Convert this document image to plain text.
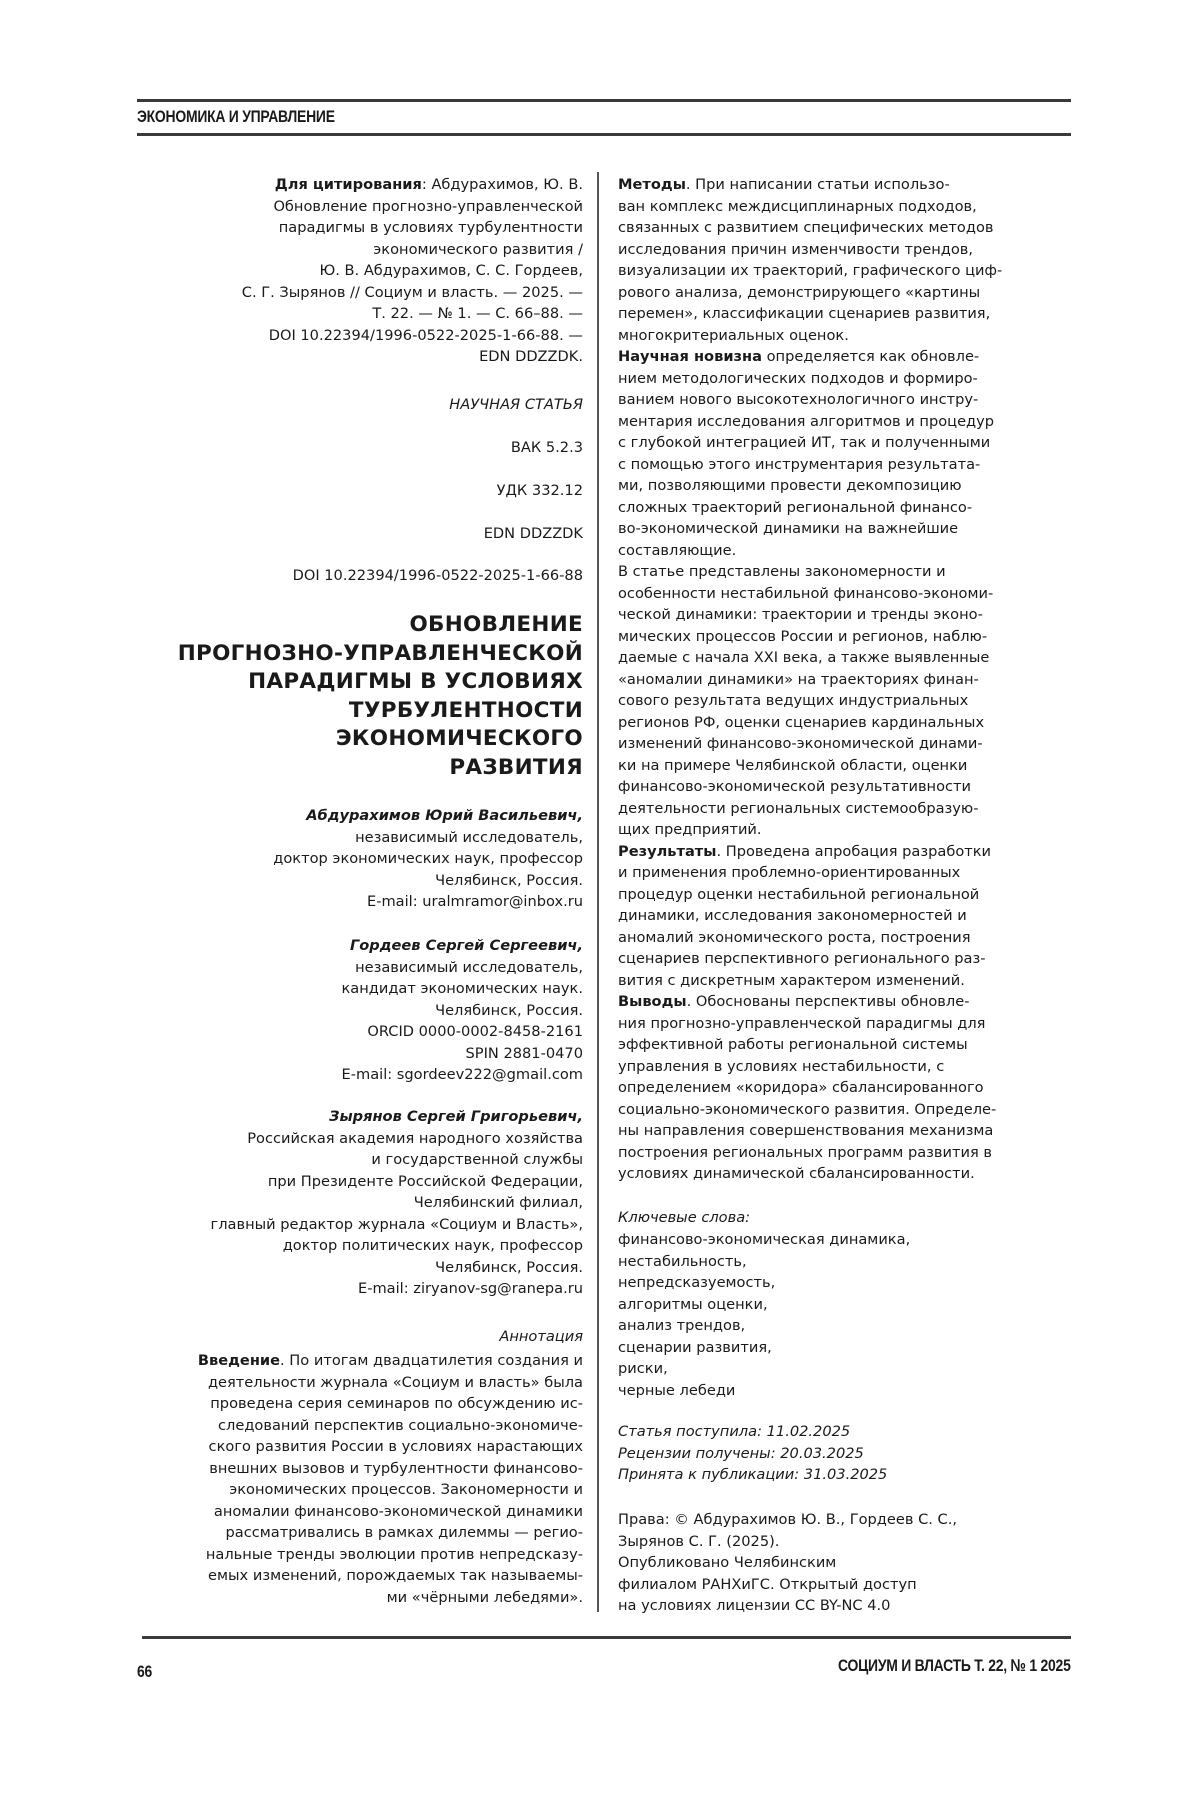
ЭКОНОМИКА И УПРАВЛЕНИЕ
Для цитирования: Абдурахимов, Ю. В.
Обновление прогнозно-управленческой
парадигмы в условиях турбулентности
экономического развития /
Ю. В. Абдурахимов, С. С. Гордеев,
С. Г. Зырянов // Социум и власть. — 2025. —
Т. 22. — № 1. — С. 66–88. —
DOI 10.22394/1996-0522-2025-1-66-88. —
EDN DDZZDK.
НАУЧНАЯ СТАТЬЯ
ВАК 5.2.3
УДК 332.12
EDN DDZZDK
DOI 10.22394/1996-0522-2025-1-66-88
ОБНОВЛЕНИЕ
ПРОГНОЗНО-УПРАВЛЕНЧЕСКОЙ
ПАРАДИГМЫ В УСЛОВИЯХ
ТУРБУЛЕНТНОСТИ
ЭКОНОМИЧЕСКОГО
РАЗВИТИЯ
Абдурахимов Юрий Васильевич,
независимый исследователь,
доктор экономических наук, профессор
Челябинск, Россия.
E-mail: uralmramor@inbox.ru
Гордеев Сергей Сергеевич,
независимый исследователь,
кандидат экономических наук.
Челябинск, Россия.
ORCID 0000-0002-8458-2161
SPIN 2881-0470
E-mail: sgordeev222@gmail.com
Зырянов Сергей Григорьевич,
Российская академия народного хозяйства
и государственной службы
при Президенте Российской Федерации,
Челябинский филиал,
главный редактор журнала «Социум и Власть»,
доктор политических наук, профессор
Челябинск, Россия.
E-mail: ziryanov-sg@ranepa.ru
Аннотация
Введение. По итогам двадцатилетия создания и
деятельности журнала «Социум и власть» была
проведена серия семинаров по обсуждению ис-
следований перспектив социально-экономиче-
ского развития России в условиях нарастающих
внешних вызовов и турбулентности финансово-
экономических процессов. Закономерности и
аномалии финансово-экономической динамики
рассматривались в рамках дилеммы — регио-
нальные тренды эволюции против непредсказу-
емых изменений, порождаемых так называемы-
ми «чёрными лебедями».
Методы. При написании статьи использо-
ван комплекс междисциплинарных подходов,
связанных с развитием специфических методов
исследования причин изменчивости трендов,
визуализации их траекторий, графического циф-
рового анализа, демонстрирующего «картины
перемен», классификации сценариев развития,
многокритериальных оценок.
Научная новизна определяется как обновле-
нием методологических подходов и формиро-
ванием нового высокотехнологичного инстру-
ментария исследования алгоритмов и процедур
с глубокой интеграцией ИТ, так и полученными
с помощью этого инструментария результата-
ми, позволяющими провести декомпозицию
сложных траекторий региональной финансо-
во-экономической динамики на важнейшие
составляющие.
В статье представлены закономерности и
особенности нестабильной финансово-экономи-
ческой динамики: траектории и тренды эконо-
мических процессов России и регионов, наблю-
даемые с начала XXI века, а также выявленные
«аномалии динамики» на траекториях финан-
сового результата ведущих индустриальных
регионов РФ, оценки сценариев кардинальных
изменений финансово-экономической динами-
ки на примере Челябинской области, оценки
финансово-экономической результативности
деятельности региональных системообразую-
щих предприятий.
Результаты. Проведена апробация разработки
и применения проблемно-ориентированных
процедур оценки нестабильной региональной
динамики, исследования закономерностей и
аномалий экономического роста, построения
сценариев перспективного регионального раз-
вития с дискретным характером изменений.
Выводы. Обоснованы перспективы обновле-
ния прогнозно-управленческой парадигмы для
эффективной работы региональной системы
управления в условиях нестабильности, с
определением «коридора» сбалансированного
социально-экономического развития. Определе-
ны направления совершенствования механизма
построения региональных программ развития в
условиях динамической сбалансированности.
Ключевые слова:
финансово-экономическая динамика,
нестабильность,
непредсказуемость,
алгоритмы оценки,
анализ трендов,
сценарии развития,
риски,
черные лебеди
Статья поступила: 11.02.2025
Рецензии получены: 20.03.2025
Принята к публикации: 31.03.2025
Права: © Абдурахимов Ю. В., Гордеев С. С.,
Зырянов С. Г. (2025).
Опубликовано Челябинским
филиалом РАНХиГС. Открытый доступ
на условиях лицензии CC BY-NC 4.0
66	СОЦИУМ И ВЛАСТЬ Т. 22, № 1 2025
